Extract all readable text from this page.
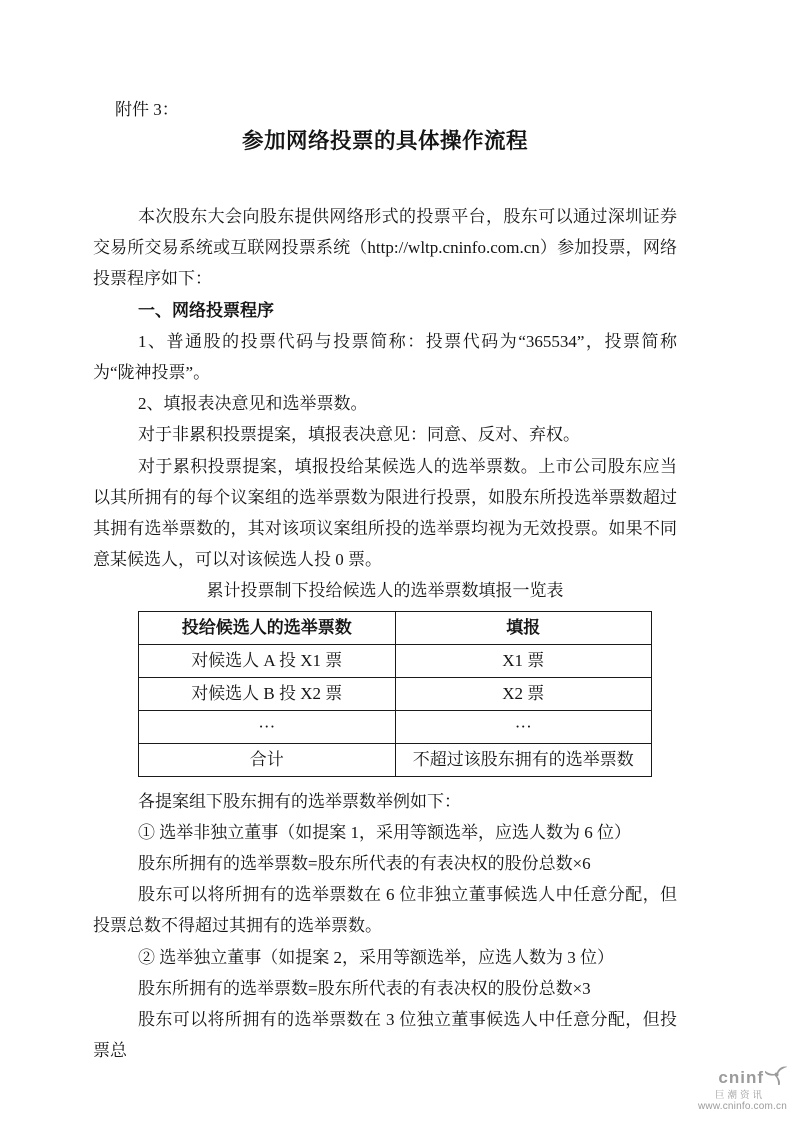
附件 3：
参加网络投票的具体操作流程

本次股东大会向股东提供网络形式的投票平台，股东可以通过深圳证券交易所交易系统或互联网投票系统（http://wltp.cninfo.com.cn）参加投票，网络投票程序如下：

一、网络投票程序

1、普通股的投票代码与投票简称：投票代码为“365534”，投票简称为“陇神投票”。

2、填报表决意见和选举票数。

对于非累积投票提案，填报表决意见：同意、反对、弃权。

对于累积投票提案，填报投给某候选人的选举票数。上市公司股东应当以其所拥有的每个议案组的选举票数为限进行投票，如股东所投选举票数超过其拥有选举票数的，其对该项议案组所投的选举票均视为无效投票。如果不同意某候选人，可以对该候选人投 0 票。

累计投票制下投给候选人的选举票数填报一览表

投给候选人的选举票数	填报
对候选人 A 投 X1 票	X1 票
对候选人 B 投 X2 票	X2 票
···	···
合计	不超过该股东拥有的选举票数

各提案组下股东拥有的选举票数举例如下：

① 选举非独立董事（如提案 1，采用等额选举，应选人数为 6 位）

股东所拥有的选举票数=股东所代表的有表决权的股份总数×6

股东可以将所拥有的选举票数在 6 位非独立董事候选人中任意分配，但投票总数不得超过其拥有的选举票数。

② 选举独立董事（如提案 2，采用等额选举，应选人数为 3 位）

股东所拥有的选举票数=股东所代表的有表决权的股份总数×3

股东可以将所拥有的选举票数在 3 位独立董事候选人中任意分配，但投票总

cninf
巨潮资讯
www.cninfo.com.cn
